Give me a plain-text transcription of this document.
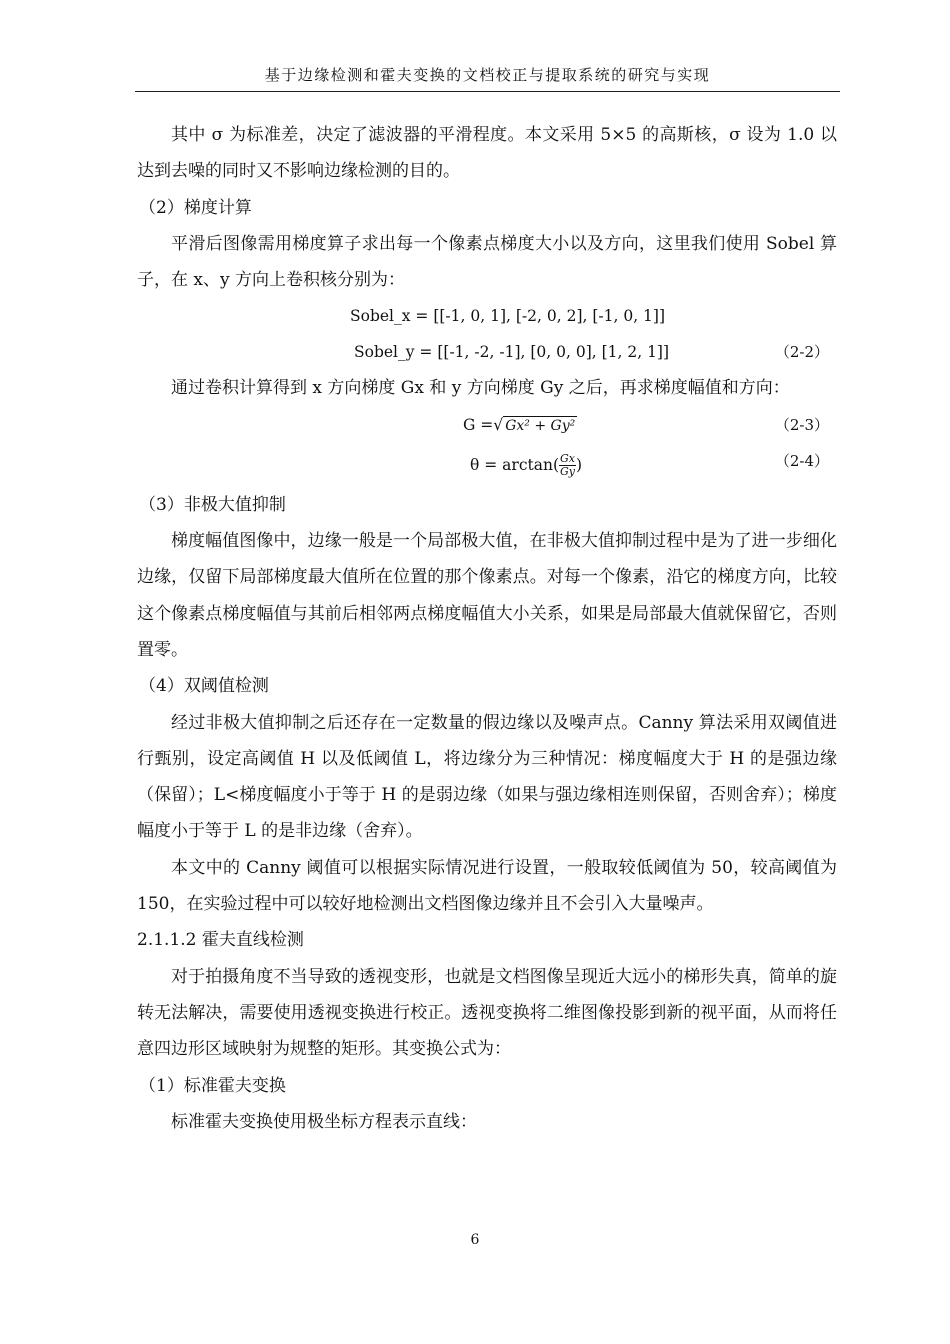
基于边缘检测和霍夫变换的文档校正与提取系统的研究与实现

其中 σ 为标准差，决定了滤波器的平滑程度。本文采用 5×5 的高斯核，σ 设为 1.0 以达到去噪的同时又不影响边缘检测的目的。

（2）梯度计算

平滑后图像需用梯度算子求出每一个像素点梯度大小以及方向，这里我们使用 Sobel 算子，在 x、y 方向上卷积核分别为：

Sobel_x = [[-1, 0, 1], [-2, 0, 2], [-1, 0, 1]]
Sobel_y = [[-1, -2, -1], [0, 0, 0], [1, 2, 1]]	（2-2）

通过卷积计算得到 x 方向梯度 Gx 和 y 方向梯度 Gy 之后，再求梯度幅值和方向：

G =√ 𝐺𝑥² + 𝐺𝑦²	（2-3）
$\theta = \arctan( \frac{Gx}{Gy}$ )	（2-4）

（3）非极大值抑制

梯度幅值图像中，边缘一般是一个局部极大值，在非极大值抑制过程中是为了进一步细化边缘，仅留下局部梯度最大值所在位置的那个像素点。对每一个像素，沿它的梯度方向，比较这个像素点梯度幅值与其前后相邻两点梯度幅值大小关系，如果是局部最大值就保留它，否则置零。

（4）双阈值检测

经过非极大值抑制之后还存在一定数量的假边缘以及噪声点。Canny 算法采用双阈值进行甄别，设定高阈值 H 以及低阈值 L，将边缘分为三种情况：梯度幅度大于 H 的是强边缘（保留）；L<梯度幅度小于等于 H 的是弱边缘（如果与强边缘相连则保留，否则舍弃）；梯度幅度小于等于 L 的是非边缘（舍弃）。

本文中的 Canny 阈值可以根据实际情况进行设置，一般取较低阈值为 50，较高阈值为 150，在实验过程中可以较好地检测出文档图像边缘并且不会引入大量噪声。

2.1.1.2 霍夫直线检测

对于拍摄角度不当导致的透视变形，也就是文档图像呈现近大远小的梯形失真，简单的旋转无法解决，需要使用透视变换进行校正。透视变换将二维图像投影到新的视平面，从而将任意四边形区域映射为规整的矩形。其变换公式为：

（1）标准霍夫变换

标准霍夫变换使用极坐标方程表示直线：

6
